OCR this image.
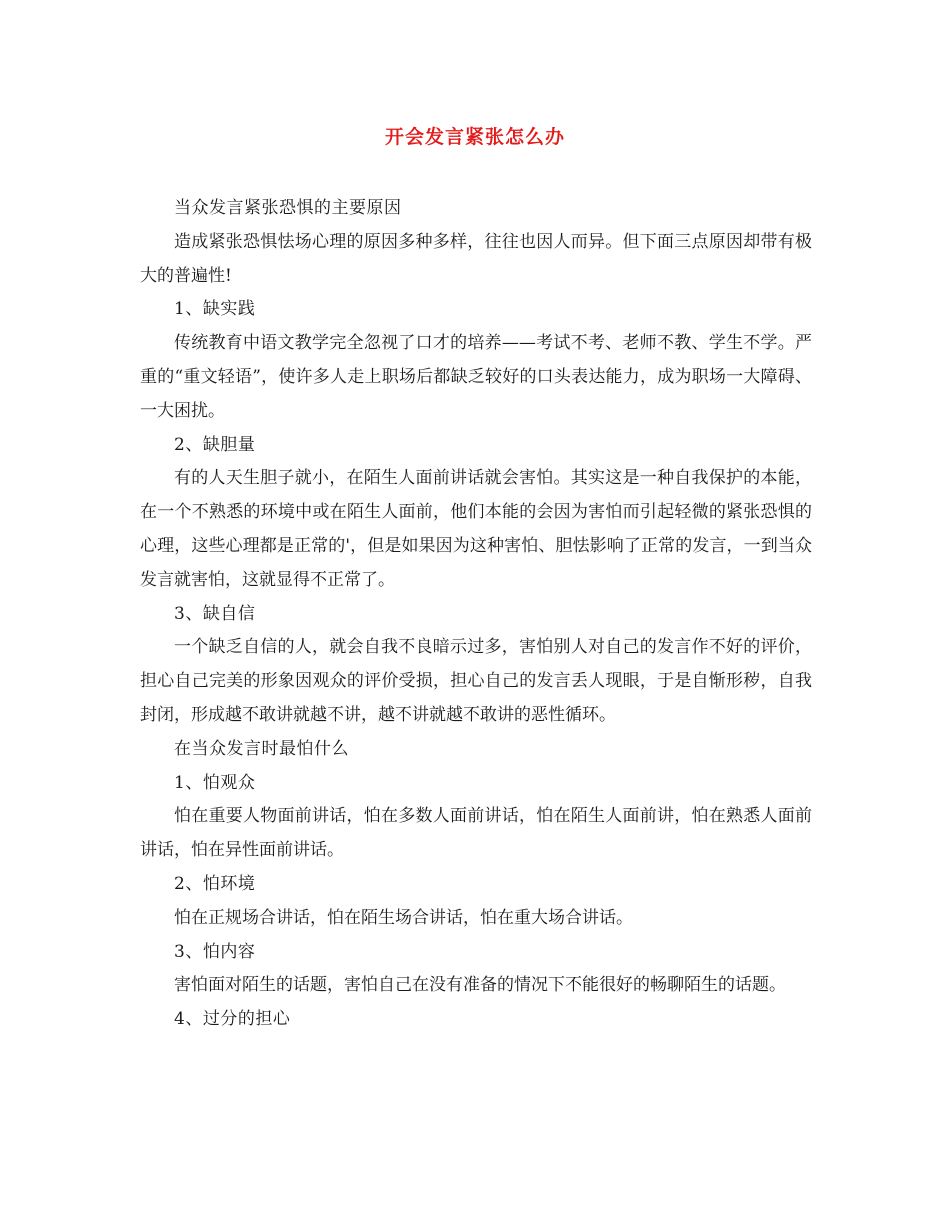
开会发言紧张怎么办

当众发言紧张恐惧的主要原因

造成紧张恐惧怯场心理的原因多种多样，往往也因人而异。但下面三点原因却带有极大的普遍性!

1、缺实践

传统教育中语文教学完全忽视了口才的培养——考试不考、老师不教、学生不学。严重的“重文轻语”，使许多人走上职场后都缺乏较好的口头表达能力，成为职场一大障碍、一大困扰。

2、缺胆量

有的人天生胆子就小，在陌生人面前讲话就会害怕。其实这是一种自我保护的本能，在一个不熟悉的环境中或在陌生人面前，他们本能的会因为害怕而引起轻微的紧张恐惧的心理，这些心理都是正常的'，但是如果因为这种害怕、胆怯影响了正常的发言，一到当众发言就害怕，这就显得不正常了。

3、缺自信

一个缺乏自信的人，就会自我不良暗示过多，害怕别人对自己的发言作不好的评价，担心自己完美的形象因观众的评价受损，担心自己的发言丢人现眼，于是自惭形秽，自我封闭，形成越不敢讲就越不讲，越不讲就越不敢讲的恶性循环。

在当众发言时最怕什么

1、怕观众

怕在重要人物面前讲话，怕在多数人面前讲话，怕在陌生人面前讲，怕在熟悉人面前讲话，怕在异性面前讲话。

2、怕环境

怕在正规场合讲话，怕在陌生场合讲话，怕在重大场合讲话。

3、怕内容

害怕面对陌生的话题，害怕自己在没有准备的情况下不能很好的畅聊陌生的话题。

4、过分的担心
